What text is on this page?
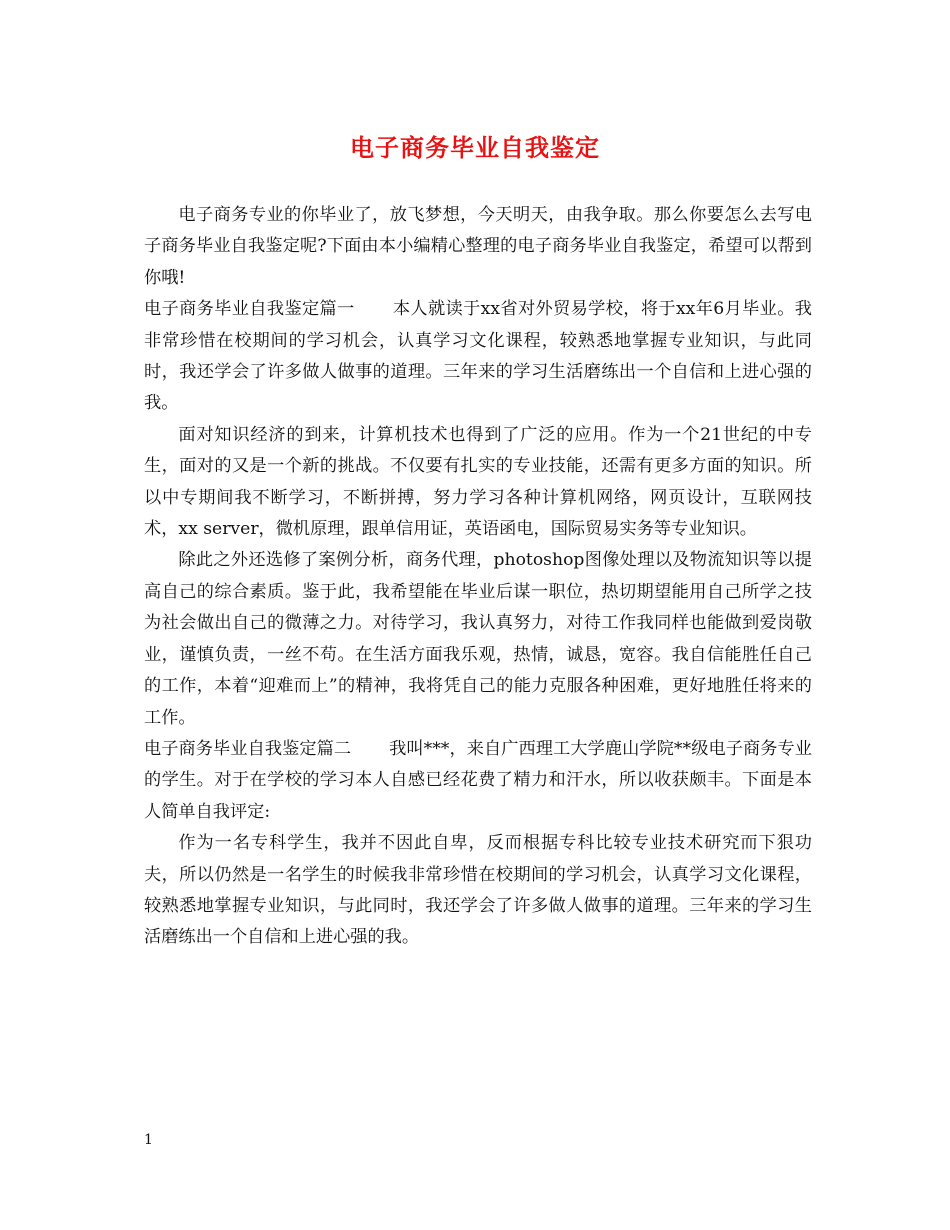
电子商务毕业自我鉴定

电子商务专业的你毕业了，放飞梦想，今天明天，由我争取。那么你要怎么去写电子商务毕业自我鉴定呢?下面由本小编精心整理的电子商务毕业自我鉴定，希望可以帮到你哦!

电子商务毕业自我鉴定篇一 本人就读于xx省对外贸易学校，将于xx年6月毕业。我非常珍惜在校期间的学习机会，认真学习文化课程，较熟悉地掌握专业知识，与此同时，我还学会了许多做人做事的道理。三年来的学习生活磨练出一个自信和上进心强的我。

面对知识经济的到来，计算机技术也得到了广泛的应用。作为一个21世纪的中专生，面对的又是一个新的挑战。不仅要有扎实的专业技能，还需有更多方面的知识。所以中专期间我不断学习，不断拼搏，努力学习各种计算机网络，网页设计，互联网技术，xx server，微机原理，跟单信用证，英语函电，国际贸易实务等专业知识。

除此之外还选修了案例分析，商务代理，photoshop图像处理以及物流知识等以提高自己的综合素质。鉴于此，我希望能在毕业后谋一职位，热切期望能用自己所学之技为社会做出自己的微薄之力。对待学习，我认真努力，对待工作我同样也能做到爱岗敬业，谨慎负责，一丝不苟。在生活方面我乐观，热情，诚恳，宽容。我自信能胜任自己的工作，本着“迎难而上”的精神，我将凭自己的能力克服各种困难，更好地胜任将来的工作。

电子商务毕业自我鉴定篇二 我叫***，来自广西理工大学鹿山学院**级电子商务专业的学生。对于在学校的学习本人自感已经花费了精力和汗水，所以收获颇丰。下面是本人简单自我评定:

作为一名专科学生，我并不因此自卑，反而根据专科比较专业技术研究而下狠功夫，所以仍然是一名学生的时候我非常珍惜在校期间的学习机会，认真学习文化课程，较熟悉地掌握专业知识，与此同时，我还学会了许多做人做事的道理。三年来的学习生活磨练出一个自信和上进心强的我。

1
